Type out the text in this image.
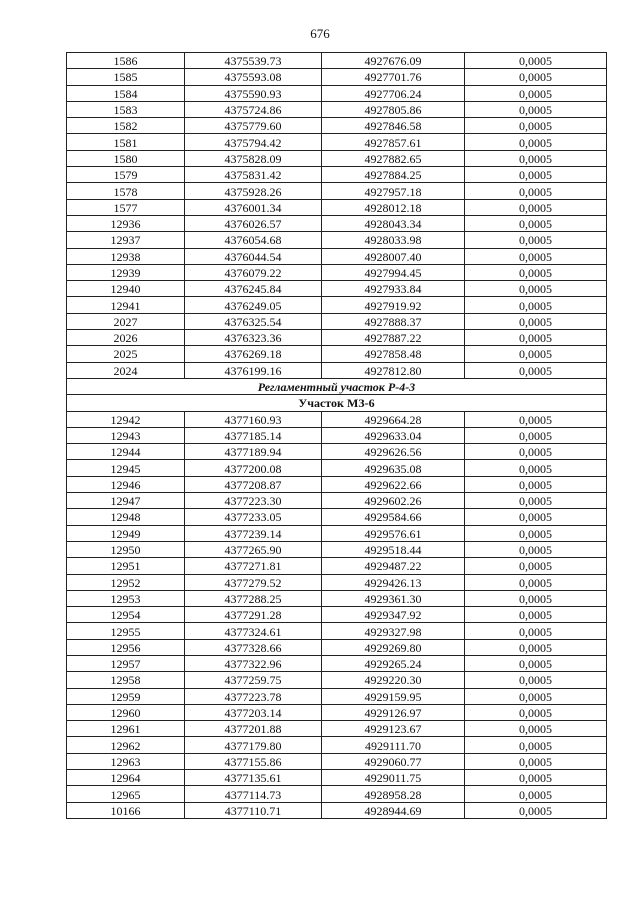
676
1586	4375539.73	4927676.09	0,0005
1585	4375593.08	4927701.76	0,0005
1584	4375590.93	4927706.24	0,0005
1583	4375724.86	4927805.86	0,0005
1582	4375779.60	4927846.58	0,0005
1581	4375794.42	4927857.61	0,0005
1580	4375828.09	4927882.65	0,0005
1579	4375831.42	4927884.25	0,0005
1578	4375928.26	4927957.18	0,0005
1577	4376001.34	4928012.18	0,0005
12936	4376026.57	4928043.34	0,0005
12937	4376054.68	4928033.98	0,0005
12938	4376044.54	4928007.40	0,0005
12939	4376079.22	4927994.45	0,0005
12940	4376245.84	4927933.84	0,0005
12941	4376249.05	4927919.92	0,0005
2027	4376325.54	4927888.37	0,0005
2026	4376323.36	4927887.22	0,0005
2025	4376269.18	4927858.48	0,0005
2024	4376199.16	4927812.80	0,0005
Регламентный участок Р-4-3			
Участок МЗ-6			
12942	4377160.93	4929664.28	0,0005
12943	4377185.14	4929633.04	0,0005
12944	4377189.94	4929626.56	0,0005
12945	4377200.08	4929635.08	0,0005
12946	4377208.87	4929622.66	0,0005
12947	4377223.30	4929602.26	0,0005
12948	4377233.05	4929584.66	0,0005
12949	4377239.14	4929576.61	0,0005
12950	4377265.90	4929518.44	0,0005
12951	4377271.81	4929487.22	0,0005
12952	4377279.52	4929426.13	0,0005
12953	4377288.25	4929361.30	0,0005
12954	4377291.28	4929347.92	0,0005
12955	4377324.61	4929327.98	0,0005
12956	4377328.66	4929269.80	0,0005
12957	4377322.96	4929265.24	0,0005
12958	4377259.75	4929220.30	0,0005
12959	4377223.78	4929159.95	0,0005
12960	4377203.14	4929126.97	0,0005
12961	4377201.88	4929123.67	0,0005
12962	4377179.80	4929111.70	0,0005
12963	4377155.86	4929060.77	0,0005
12964	4377135.61	4929011.75	0,0005
12965	4377114.73	4928958.28	0,0005
10166	4377110.71	4928944.69	0,0005
